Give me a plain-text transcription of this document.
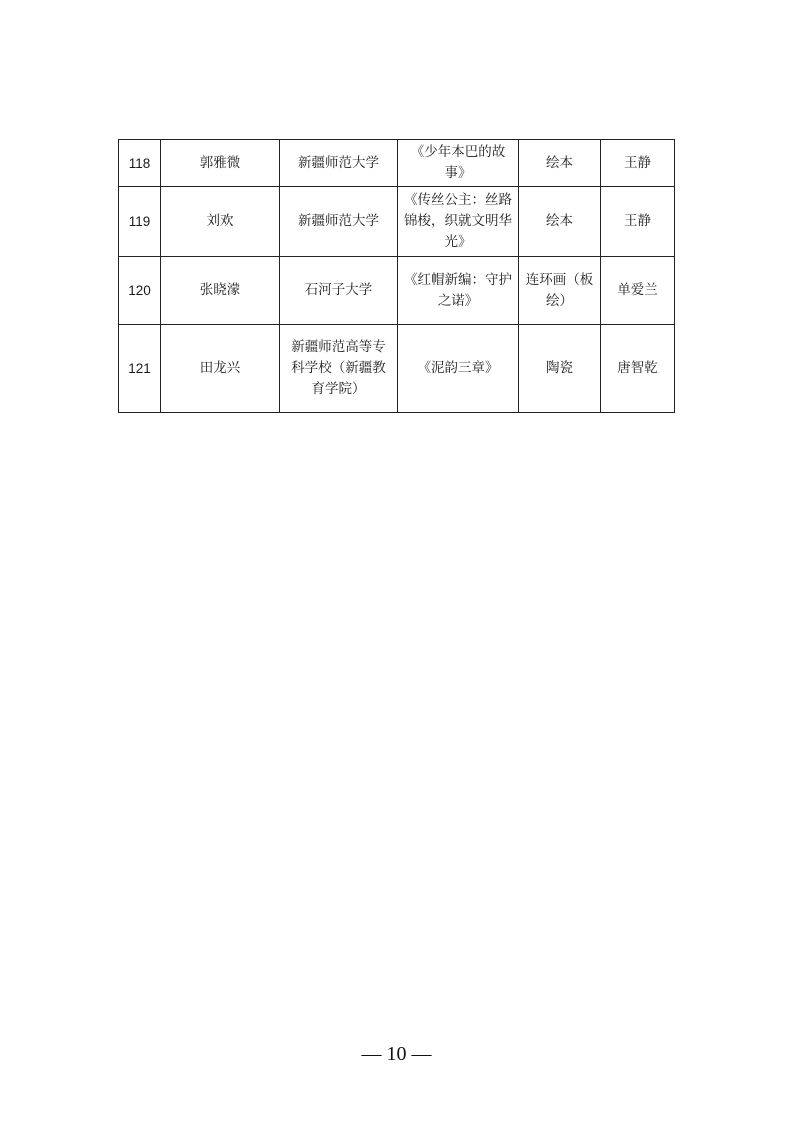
118	郭雅微	新疆师范大学	《少年本巴的故事》	绘本	王静
119	刘欢	新疆师范大学	《传丝公主：丝路锦梭，织就文明华光》	绘本	王静
120	张晓濛	石河子大学	《红帽新编：守护之诺》	连环画（板绘）	单爱兰
121	田龙兴	新疆师范高等专科学校（新疆教育学院）	《泥韵三章》	陶瓷	唐智乾
— 10 —
